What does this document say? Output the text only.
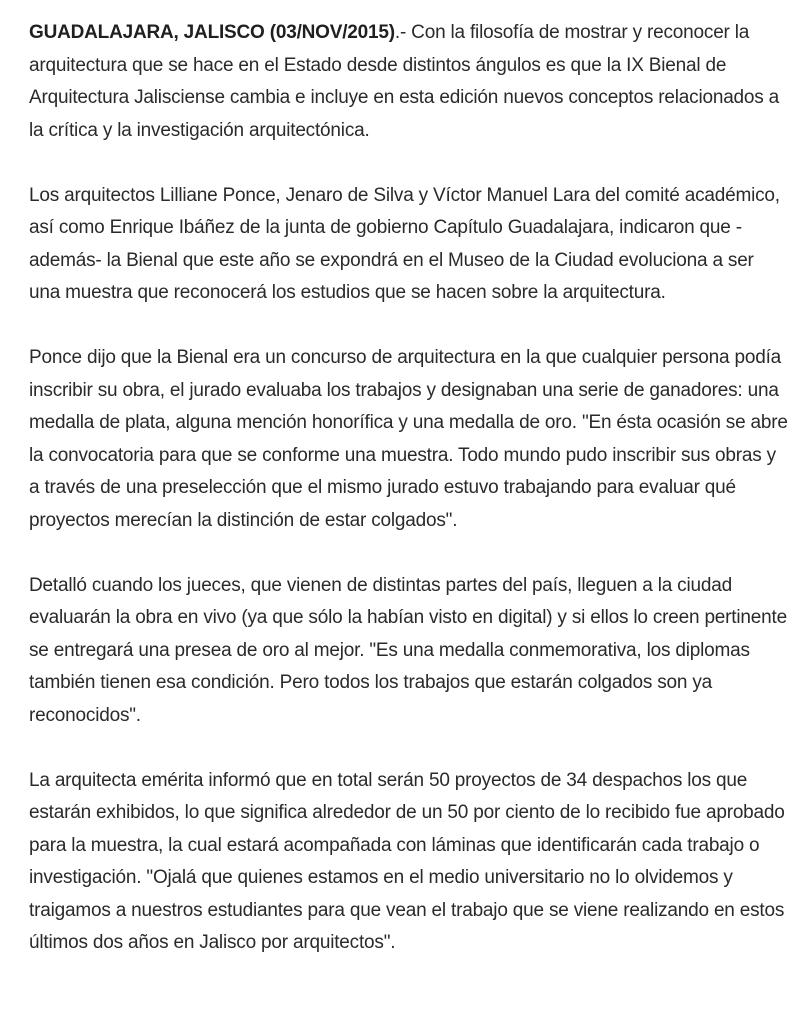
GUADALAJARA, JALISCO (03/NOV/2015).- Con la filosofía de mostrar y reconocer la arquitectura que se hace en el Estado desde distintos ángulos es que la IX Bienal de Arquitectura Jalisciense cambia e incluye en esta edición nuevos conceptos relacionados a la crítica y la investigación arquitectónica.

Los arquitectos Lilliane Ponce, Jenaro de Silva y Víctor Manuel Lara del comité académico, así como Enrique Ibáñez de la junta de gobierno Capítulo Guadalajara, indicaron que -además- la Bienal que este año se expondrá en el Museo de la Ciudad evoluciona a ser una muestra que reconocerá los estudios que se hacen sobre la arquitectura.

Ponce dijo que la Bienal era un concurso de arquitectura en la que cualquier persona podía inscribir su obra, el jurado evaluaba los trabajos y designaban una serie de ganadores: una medalla de plata, alguna mención honorífica y una medalla de oro. "En ésta ocasión se abre la convocatoria para que se conforme una muestra. Todo mundo pudo inscribir sus obras y a través de una preselección que el mismo jurado estuvo trabajando para evaluar qué proyectos merecían la distinción de estar colgados".

Detalló cuando los jueces, que vienen de distintas partes del país, lleguen a la ciudad evaluarán la obra en vivo (ya que sólo la habían visto en digital) y si ellos lo creen pertinente se entregará una presea de oro al mejor. "Es una medalla conmemorativa, los diplomas también tienen esa condición. Pero todos los trabajos que estarán colgados son ya reconocidos".

La arquitecta emérita informó que en total serán 50 proyectos de 34 despachos los que estarán exhibidos, lo que significa alrededor de un 50 por ciento de lo recibido fue aprobado para la muestra, la cual estará acompañada con láminas que identificarán cada trabajo o investigación. "Ojalá que quienes estamos en el medio universitario no lo olvidemos y traigamos a nuestros estudiantes para que vean el trabajo que se viene realizando en estos últimos dos años en Jalisco por arquitectos".
